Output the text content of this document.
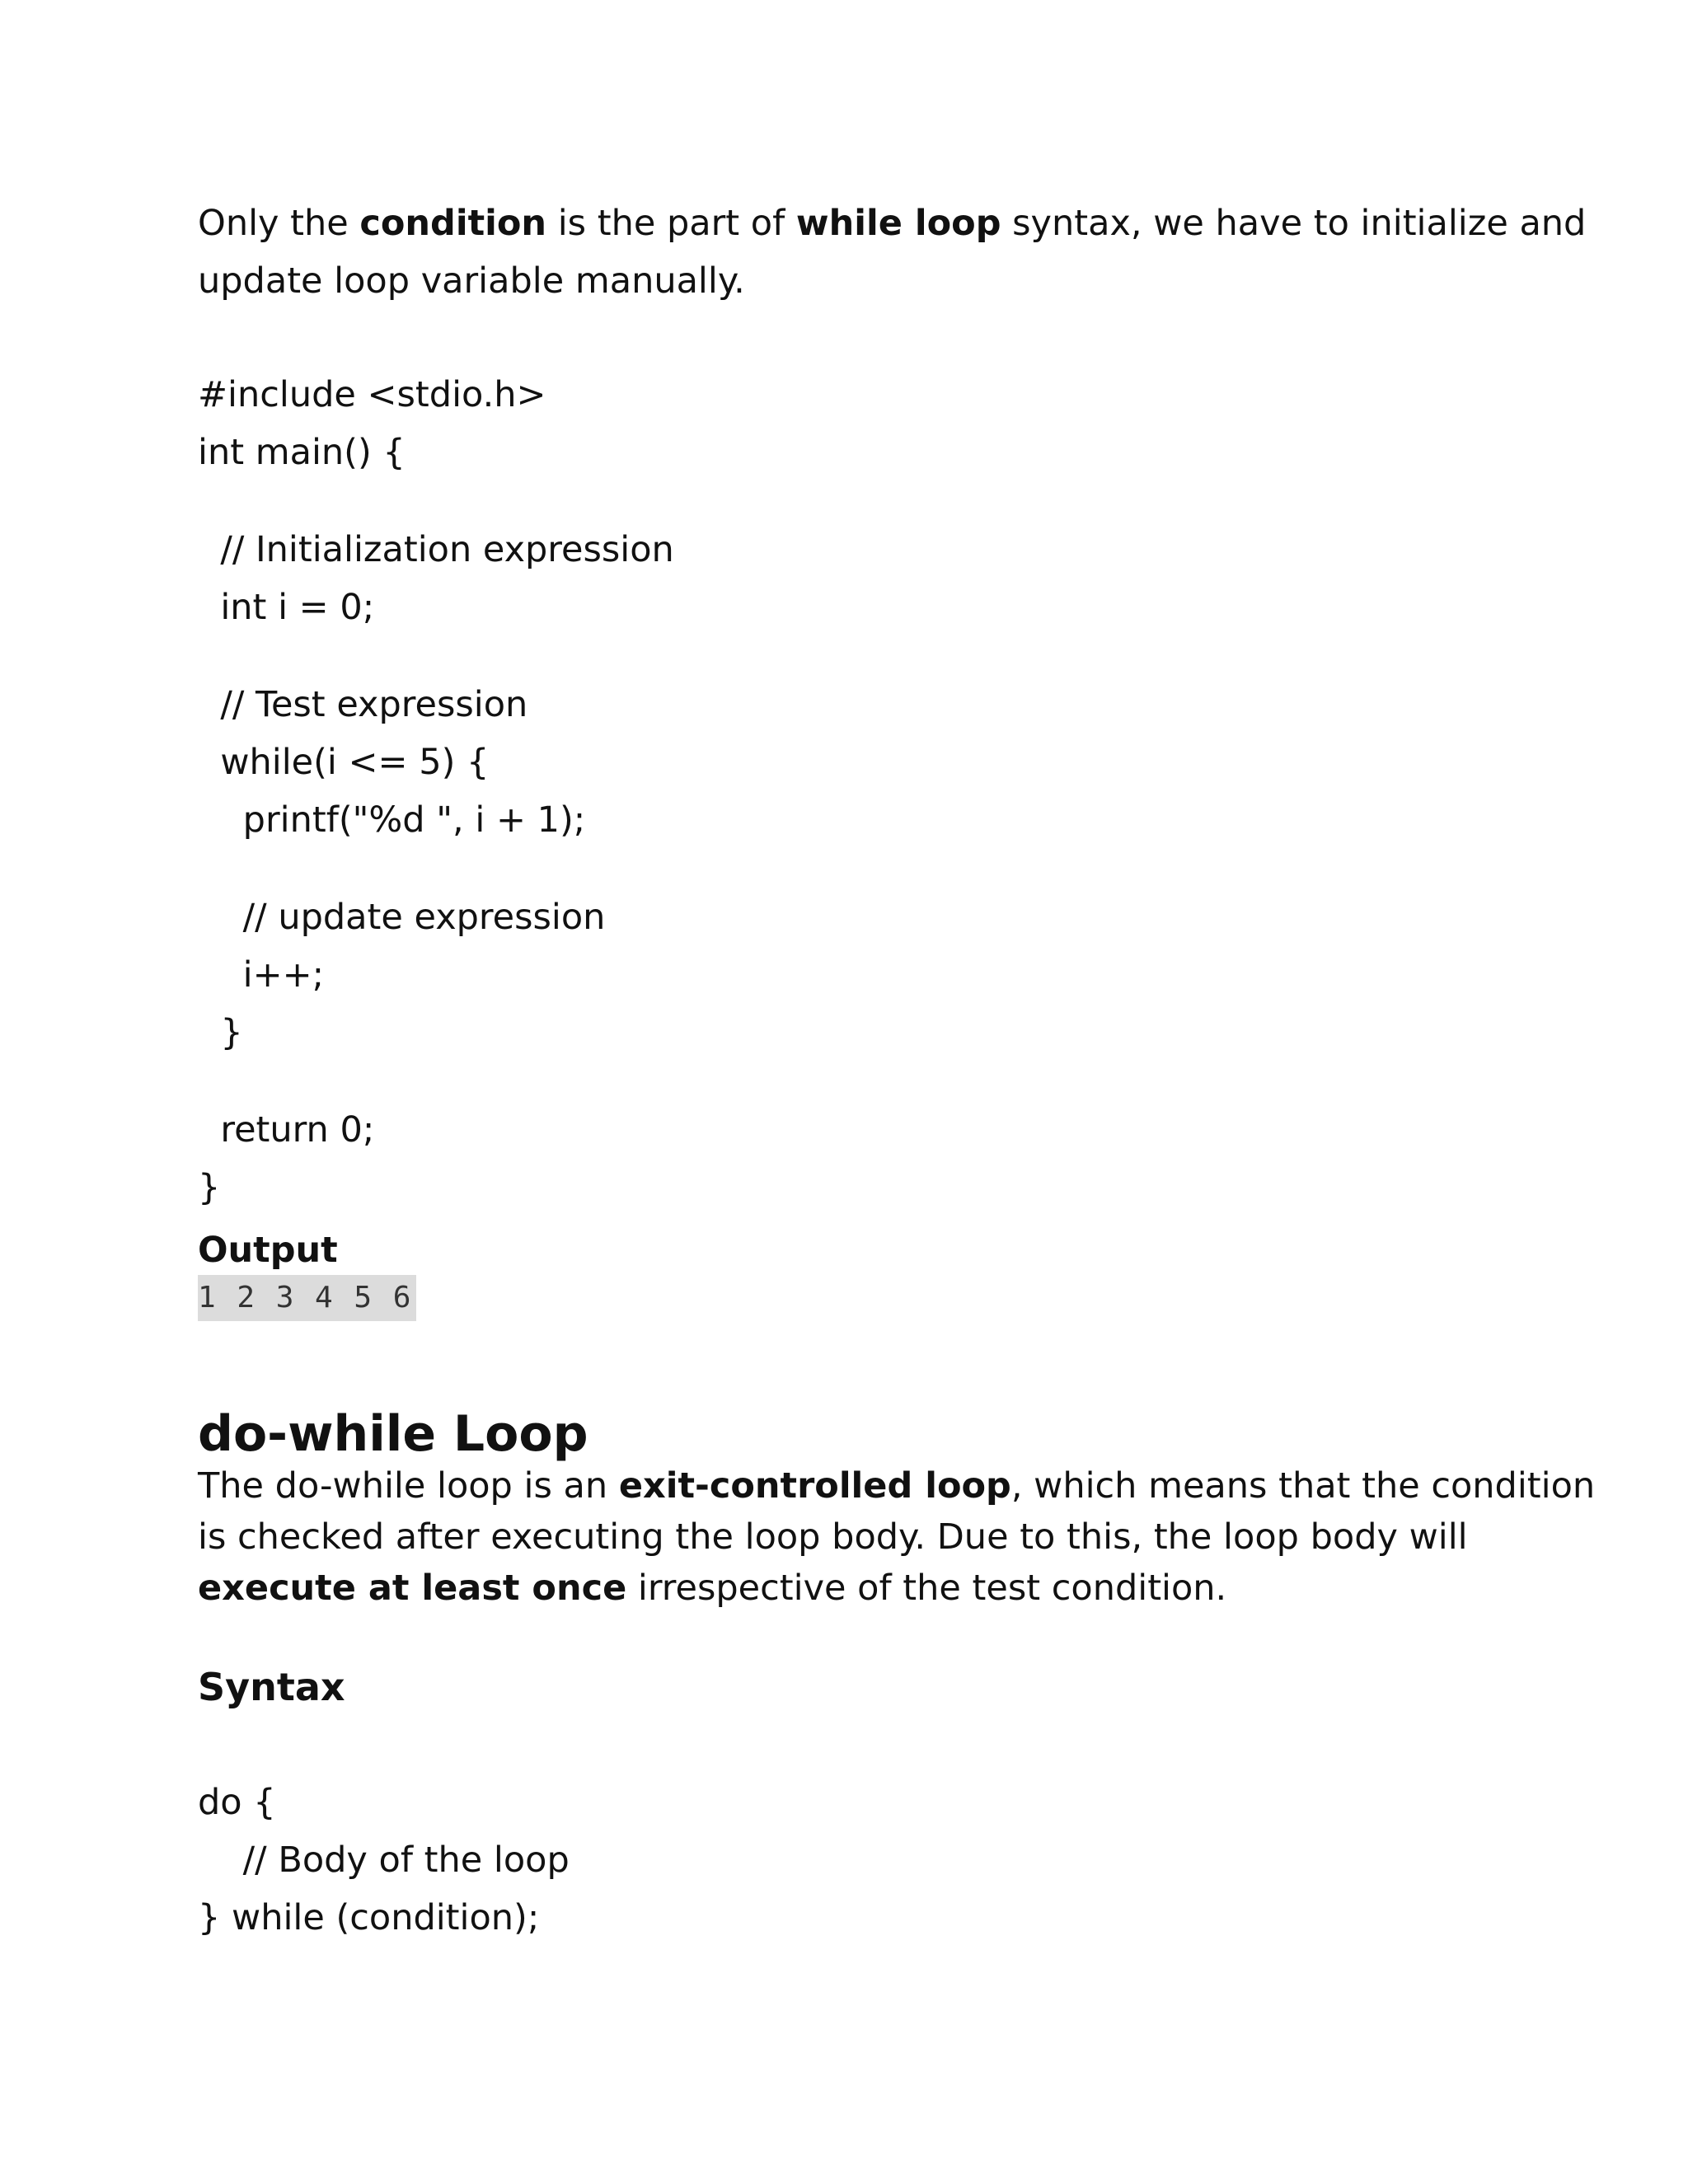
Only the condition is the part of while loop syntax, we have to initialize and

update loop variable manually.

#include <stdio.h>

int main() {

// Initialization expression

int i = 0;

// Test expression

while(i <= 5) {

printf("%d ", i + 1);

// update expression

i++;

}

return 0;

}

Output

1 2 3 4 5 6
do-while Loop

The do-while loop is an exit-controlled loop, which means that the condition

is checked after executing the loop body. Due to this, the loop body will

execute at least once irrespective of the test condition.

Syntax

do {

// Body of the loop

} while (condition);
